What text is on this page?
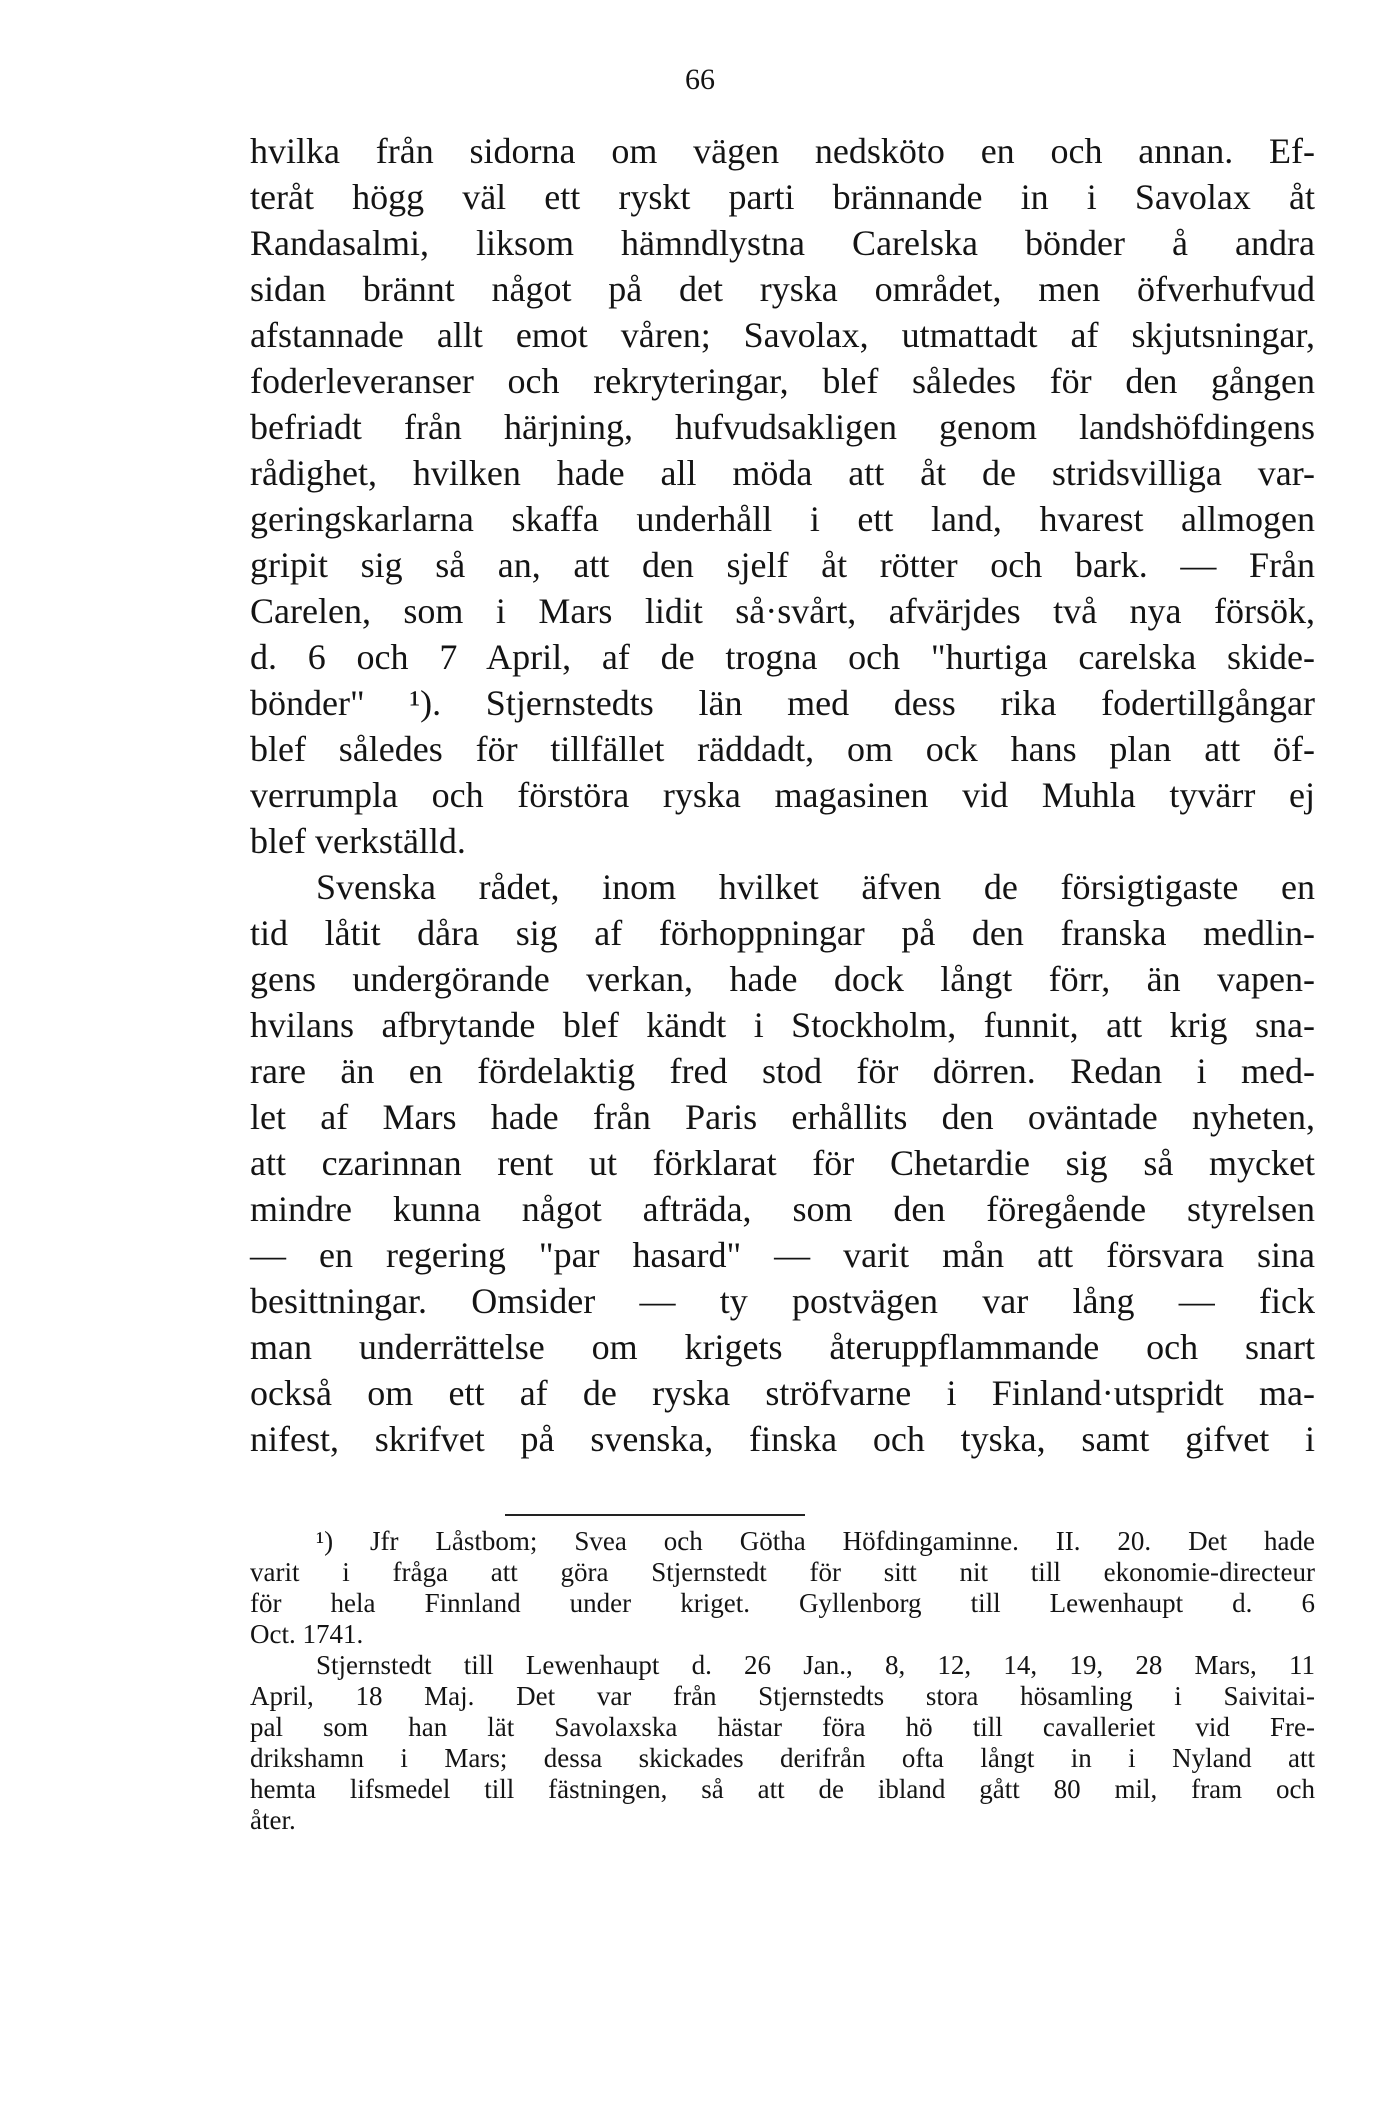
66
hvilka från sidorna om vägen nedsköto en och annan. Ef-
teråt högg väl ett ryskt parti brännande in i Savolax åt
Randasalmi, liksom hämndlystna Carelska bönder å andra
sidan brännt något på det ryska området, men öfverhufvud
afstannade allt emot våren; Savolax, utmattadt af skjutsningar,
foderleveranser och rekryteringar, blef således för den gången
befriadt från härjning, hufvudsakligen genom landshöfdingens
rådighet, hvilken hade all möda att åt de stridsvilliga var-
geringskarlarna skaffa underhåll i ett land, hvarest allmogen
gripit sig så an, att den sjelf åt rötter och bark. — Från
Carelen, som i Mars lidit så·svårt, afvärjdes två nya försök,
d. 6 och 7 April, af de trogna och "hurtiga carelska skide-
bönder" ¹). Stjernstedts län med dess rika fodertillgångar
blef således för tillfället räddadt, om ock hans plan att öf-
verrumpla och förstöra ryska magasinen vid Muhla tyvärr ej
blef verkställd.
Svenska rådet, inom hvilket äfven de försigtigaste en
tid låtit dåra sig af förhoppningar på den franska medlin-
gens undergörande verkan, hade dock långt förr, än vapen-
hvilans afbrytande blef kändt i Stockholm, funnit, att krig sna-
rare än en fördelaktig fred stod för dörren. Redan i med-
let af Mars hade från Paris erhållits den oväntade nyheten,
att czarinnan rent ut förklarat för Chetardie sig så mycket
mindre kunna något afträda, som den föregående styrelsen
— en regering "par hasard" — varit mån att försvara sina
besittningar. Omsider — ty postvägen var lång — fick
man underrättelse om krigets återuppflammande och snart
också om ett af de ryska ströfvarne i Finland·utspridt ma-
nifest, skrifvet på svenska, finska och tyska, samt gifvet i
¹) Jfr Låstbom; Svea och Götha Höfdingaminne. II. 20. Det hade
varit i fråga att göra Stjernstedt för sitt nit till ekonomie-directeur
för hela Finnland under kriget. Gyllenborg till Lewenhaupt d. 6
Oct. 1741.
Stjernstedt till Lewenhaupt d. 26 Jan., 8, 12, 14, 19, 28 Mars, 11
April, 18 Maj. Det var från Stjernstedts stora hösamling i Saivitai-
pal som han lät Savolaxska hästar föra hö till cavalleriet vid Fre-
drikshamn i Mars; dessa skickades derifrån ofta långt in i Nyland att
hemta lifsmedel till fästningen, så att de ibland gått 80 mil, fram och
åter.
